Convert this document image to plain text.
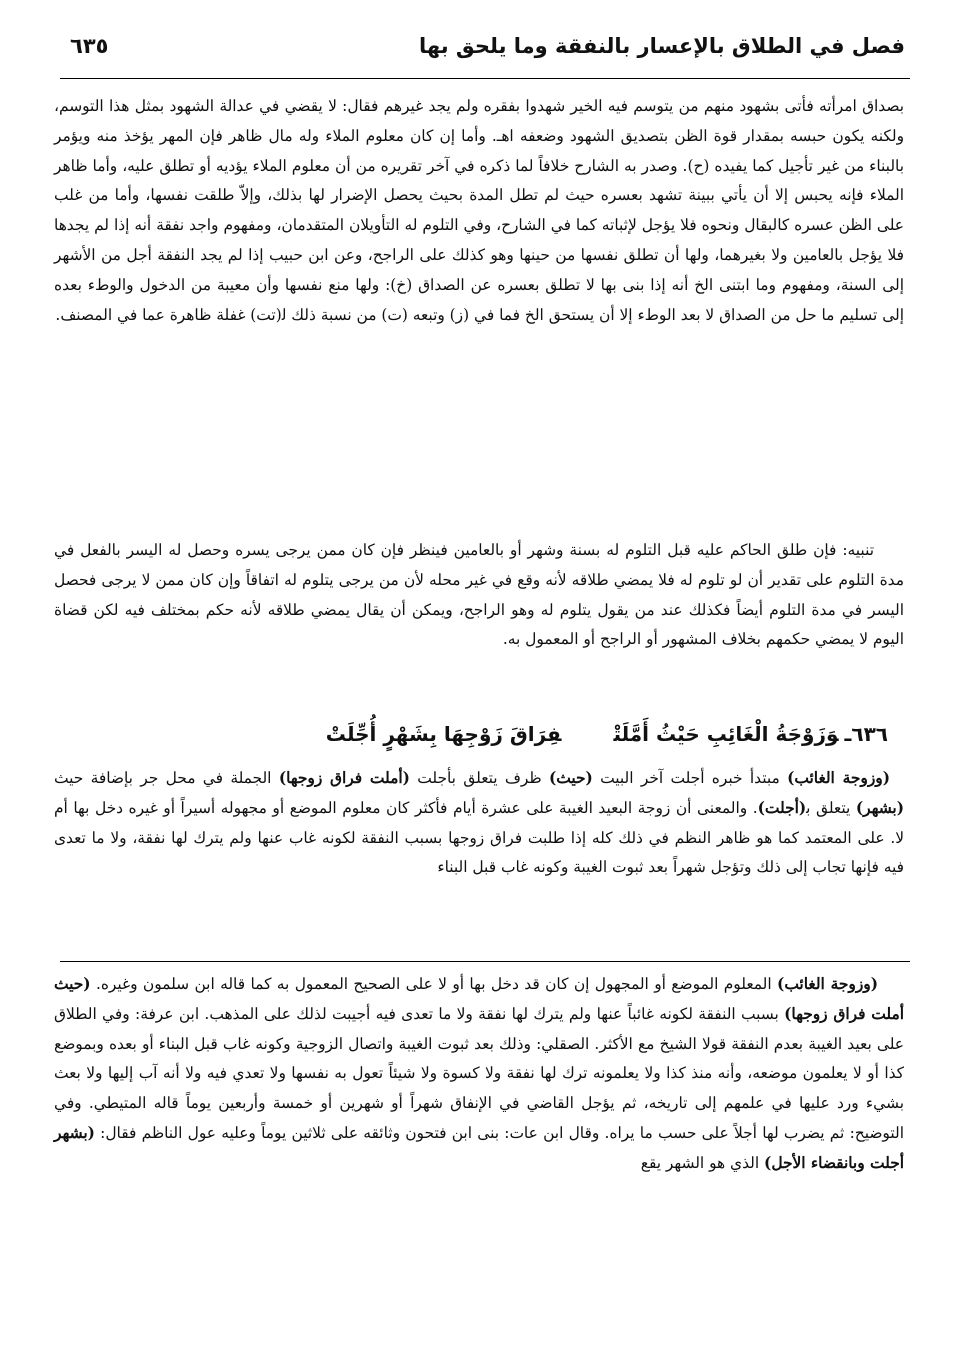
فصل في الطلاق بالإعسار بالنفقة وما يلحق بها
٦٣٥

بصداق امرأته فأتى بشهود منهم من يتوسم فيه الخير شهدوا بفقره ولم يجد غيرهم فقال: لا يقضي في عدالة الشهود بمثل هذا التوسم، ولكنه يكون حبسه بمقدار قوة الظن بتصديق الشهود وضعفه اهـ. وأما إن كان معلوم الملاء وله مال ظاهر فإن المهر يؤخذ منه ويؤمر بالبناء من غير تأجيل كما يفيده (ح). وصدر به الشارح خلافاً لما ذكره في آخر تقريره من أن معلوم الملاء يؤديه أو تطلق عليه، وأما ظاهر الملاء فإنه يحبس إلا أن يأتي ببينة تشهد بعسره حيث لم تطل المدة بحيث يحصل الإضرار لها بذلك، وإلاّ طلقت نفسها، وأما من غلب على الظن عسره كالبقال ونحوه فلا يؤجل لإثباته كما في الشارح، وفي التلوم له التأويلان المتقدمان، ومفهوم واجد نفقة أنه إذا لم يجدها فلا يؤجل بالعامين ولا بغيرهما، ولها أن تطلق نفسها من حينها وهو كذلك على الراجح، وعن ابن حبيب إذا لم يجد النفقة أجل من الأشهر إلى السنة، ومفهوم وما ابتنى الخ أنه إذا بنى بها لا تطلق بعسره عن الصداق (خ): ولها منع نفسها وأن معيبة من الدخول والوطء بعده إلى تسليم ما حل من الصداق لا بعد الوطء إلا أن يستحق الخ فما في (ز) وتبعه (ت) من نسبة ذلك ل‍(تت) غفلة ظاهرة عما في المصنف.

تنبيه: فإن طلق الحاكم عليه قبل التلوم له بسنة وشهر أو بالعامين فينظر فإن كان ممن يرجى يسره وحصل له اليسر بالفعل في مدة التلوم على تقدير أن لو تلوم له فلا يمضي طلاقه لأنه وقع في غير محله لأن من يرجى يتلوم له اتفاقاً وإن كان ممن لا يرجى فحصل اليسر في مدة التلوم أيضاً فكذلك عند من يقول يتلوم له وهو الراجح، ويمكن أن يقال يمضي طلاقه لأنه حكم بمختلف فيه لكن قضاة اليوم لا يمضي حكمهم بخلاف المشهور أو الراجح أو المعمول به.

٦٣٦ـوَزَوْجَةُ الْغَائِبِ حَيْثُ أَمَّلَتْفِرَاقَ زَوْجِهَا بِشَهْرٍ أُجِّلَتْ

(وزوجة الغائب) مبتدأ خبره أجلت آخر البيت (حيث) ظرف يتعلق بأجلت (أملت فراق زوجها) الجملة في محل جر بإضافة حيث (بشهر) يتعلق ب‍(أجلت). والمعنى أن زوجة البعيد الغيبة على عشرة أيام فأكثر كان معلوم الموضع أو مجهوله أسيراً أو غيره دخل بها أم لا. على المعتمد كما هو ظاهر النظم في ذلك كله إذا طلبت فراق زوجها بسبب النفقة لكونه غاب عنها ولم يترك لها نفقة، ولا ما تعدى فيه فإنها تجاب إلى ذلك وتؤجل شهراً بعد ثبوت الغيبة وكونه غاب قبل البناء

(وزوجة الغائب) المعلوم الموضع أو المجهول إن كان قد دخل بها أو لا على الصحيح المعمول به كما قاله ابن سلمون وغيره. (حيث أملت فراق زوجها) بسبب النفقة لكونه غائباً عنها ولم يترك لها نفقة ولا ما تعدى فيه أجيبت لذلك على المذهب. ابن عرفة: وفي الطلاق على بعيد الغيبة بعدم النفقة قولا الشيخ مع الأكثر. الصقلي: وذلك بعد ثبوت الغيبة واتصال الزوجية وكونه غاب قبل البناء أو بعده وبموضع كذا أو لا يعلمون موضعه، وأنه منذ كذا ولا يعلمونه ترك لها نفقة ولا كسوة ولا شيئاً تعول به نفسها ولا تعدي فيه ولا أنه آب إليها ولا بعث بشيء ورد عليها في علمهم إلى تاريخه، ثم يؤجل القاضي في الإنفاق شهراً أو شهرين أو خمسة وأربعين يوماً قاله المتيطي. وفي التوضيح: ثم يضرب لها أجلاً على حسب ما يراه. وقال ابن عات: بنى ابن فتحون وثائقه على ثلاثين يوماً وعليه عول الناظم فقال: (بشهر أجلت وبانقضاء الأجل) الذي هو الشهر يقع
